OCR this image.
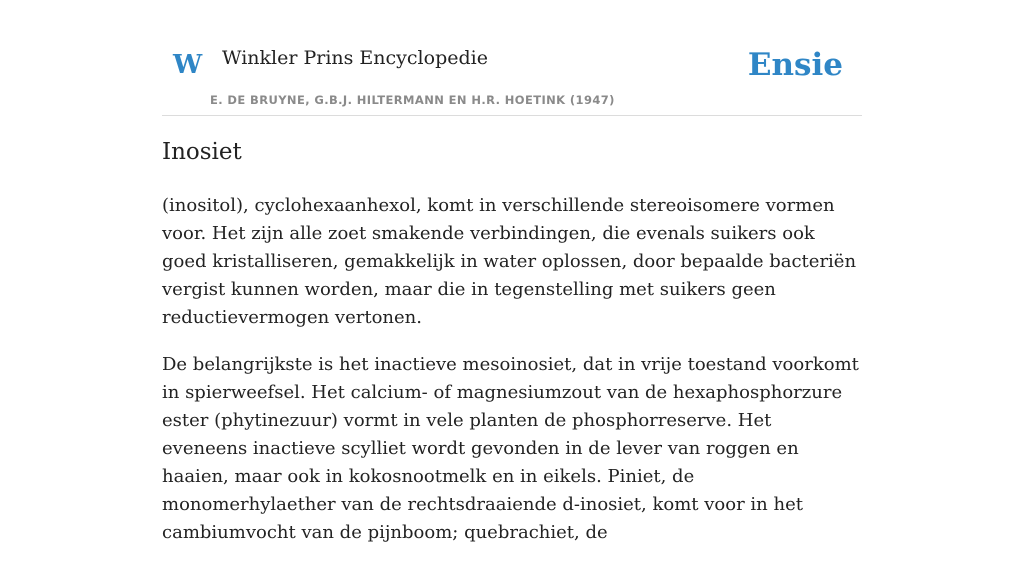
W Winkler Prins Encyclopedie
E. DE BRUYNE, G.B.J. HILTERMANN EN H.R. HOETINK (1947)
Ensie
Inosiet

(inositol), cyclohexaanhexol, komt in verschillende stereoisomere vormen voor. Het zijn alle zoet smakende verbindingen, die evenals suikers ook goed kristalliseren, gemakkelijk in water oplossen, door bepaalde bacteriën vergist kunnen worden, maar die in tegenstelling met suikers geen reductievermogen vertonen.

De belangrijkste is het inactieve mesoinosiet, dat in vrije toestand voorkomt in spierweefsel. Het calcium- of magnesiumzout van de hexaphosphorzure ester (phytinezuur) vormt in vele planten de phosphorreserve. Het eveneens inactieve scylliet wordt gevonden in de lever van roggen en haaien, maar ook in kokosnootmelk en in eikels. Piniet, de monomerhylaether van de rechtsdraaiende d-inosiet, komt voor in het cambiumvocht van de pijnboom; quebrachiet, de
